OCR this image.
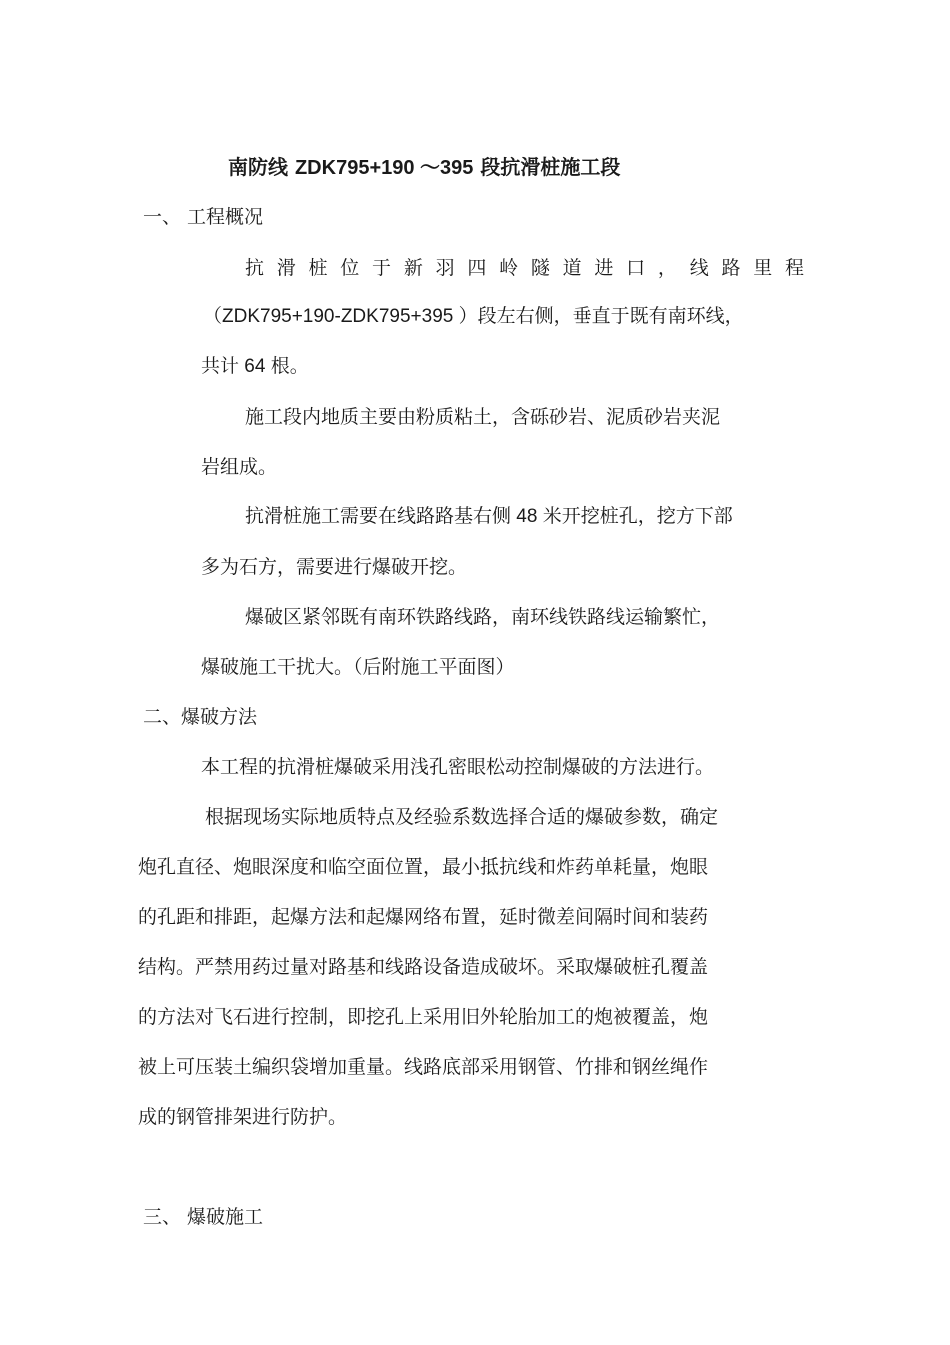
南防线 ZDK795+190 ～395 段抗滑桩施工段

一、 工程概况

抗 滑 桩 位 于 新 羽 四 岭 隧 道 进 口 ， 线 路 里 程

（ZDK795+190-ZDK795+395 ）段左右侧，垂直于既有南环线，

共计 64 根。

施工段内地质主要由粉质粘土，含砾砂岩、泥质砂岩夹泥

岩组成。

抗滑桩施工需要在线路路基右侧 48 米开挖桩孔，挖方下部

多为石方，需要进行爆破开挖。

爆破区紧邻既有南环铁路线路，南环线铁路线运输繁忙，

爆破施工干扰大。（后附施工平面图）

二、爆破方法

本工程的抗滑桩爆破采用浅孔密眼松动控制爆破的方法进行。

根据现场实际地质特点及经验系数选择合适的爆破参数，确定

炮孔直径、炮眼深度和临空面位置，最小抵抗线和炸药单耗量，炮眼

的孔距和排距，起爆方法和起爆网络布置，延时微差间隔时间和装药

结构。严禁用药过量对路基和线路设备造成破坏。采取爆破桩孔覆盖

的方法对飞石进行控制，即挖孔上采用旧外轮胎加工的炮被覆盖，炮

被上可压装土编织袋增加重量。线路底部采用钢管、竹排和钢丝绳作

成的钢管排架进行防护。

三、 爆破施工
